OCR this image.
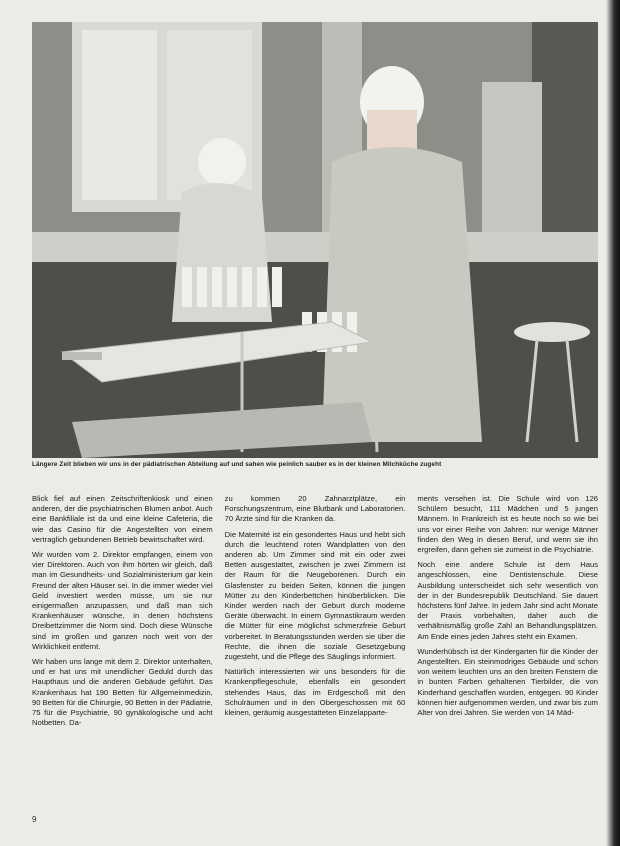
Längere Zeit blieben wir uns in der pädiatrischen Abteilung auf und sahen wie peinlich sauber es in der kleinen Milchküche zugeht

Blick fiel auf einen Zeitschriftenkiosk und einen anderen, der die psychiatrischen Blumen anbot. Auch eine Bankfiliale ist da und eine kleine Cafeteria, die wie das Casino für die Angestellten von einem vertraglich gebundenen Betrieb bewirtschaftet wird.

Wir wurden vom 2. Direktor empfangen, einem von vier Direktoren. Auch von ihm hörten wir gleich, daß man im Gesundheits- und Sozialministerium gar kein Freund der alten Häuser sei. In die immer wieder viel Geld investiert werden müsse, um sie nur einigermaßen anzupassen, und daß man sich Krankenhäuser wünsche, in denen höchstens Dreibettzimmer die Norm sind. Doch diese Wünsche sind im großen und ganzen noch weit von der Wirklichkeit entfernt.

Wir haben uns lange mit dem 2. Direktor unterhalten, und er hat uns mit unendlicher Geduld durch das Haupthaus und die anderen Gebäude geführt. Das Krankenhaus hat 190 Betten für Allgemeinmedizin, 90 Betten für die Chirurgie, 90 Betten in der Pädiatrie, 75 für die Psychiatrie, 90 gynäkologische und acht Notbetten. Da-

zu kommen 20 Zahnarztplätze, ein Forschungszentrum, eine Blutbank und Laboratorien. 70 Ärzte sind für die Kranken da.

Die Maternité ist ein gesondertes Haus und hebt sich durch die leuchtend roten Wandplatten von den anderen ab. Um Zimmer sind mit ein oder zwei Betten ausgestattet, zwischen je zwei Zimmern ist der Raum für die Neugeborenen. Durch ein Glasfenster zu beiden Seiten, können die jungen Mütter zu den Kinderbettchen hinüberblicken. Die Kinder werden nach der Geburt durch moderne Geräte überwacht. In einem Gymnastikraum werden die Mütter für eine möglichst schmerzfreie Geburt vorbereitet. In Beratungsstunden werden sie über die Rechte, die ihnen die soziale Gesetzgebung zugesteht, und die Pflege des Säuglings informiert.

Natürlich interessierten wir uns besonders für die Krankenpflegeschule, ebenfalls ein gesondert stehendes Haus, das im Erdgeschoß mit den Schulräumen und in den Obergeschossen mit 60 kleinen, geräumig ausgestatteten Einzelapparte-

ments versehen ist. Die Schule wird von 126 Schülern besucht, 111 Mädchen und 5 jungen Männern. In Frankreich ist es heute noch so wie bei uns vor einer Reihe von Jahren: nur wenige Männer finden den Weg in diesen Beruf, und wenn sie ihn ergreifen, dann gehen sie zumeist in die Psychiatrie.

Noch eine andere Schule ist dem Haus angeschlossen, eine Dentistenschule. Diese Ausbildung unterscheidet sich sehr wesentlich von der in der Bundesrepublik Deutschland. Sie dauert höchstens fünf Jahre. In jedem Jahr sind acht Monate der Praxis vorbehalten, daher auch die verhältnismäßig große Zahl an Behandlungsplätzen. Am Ende eines jeden Jahres steht ein Examen.

Wunderhübsch ist der Kindergarten für die Kinder der Angestellten. Ein steinmodriges Gebäude und schon von weitem leuchten uns an den breiten Fenstern die in bunten Farben gehaltenen Tierbilder, die von Kinderhand geschaffen wurden, entgegen. 90 Kinder können hier aufgenommen werden, und zwar bis zum Alter von drei Jahren. Sie werden von 14 Mäd-

9
